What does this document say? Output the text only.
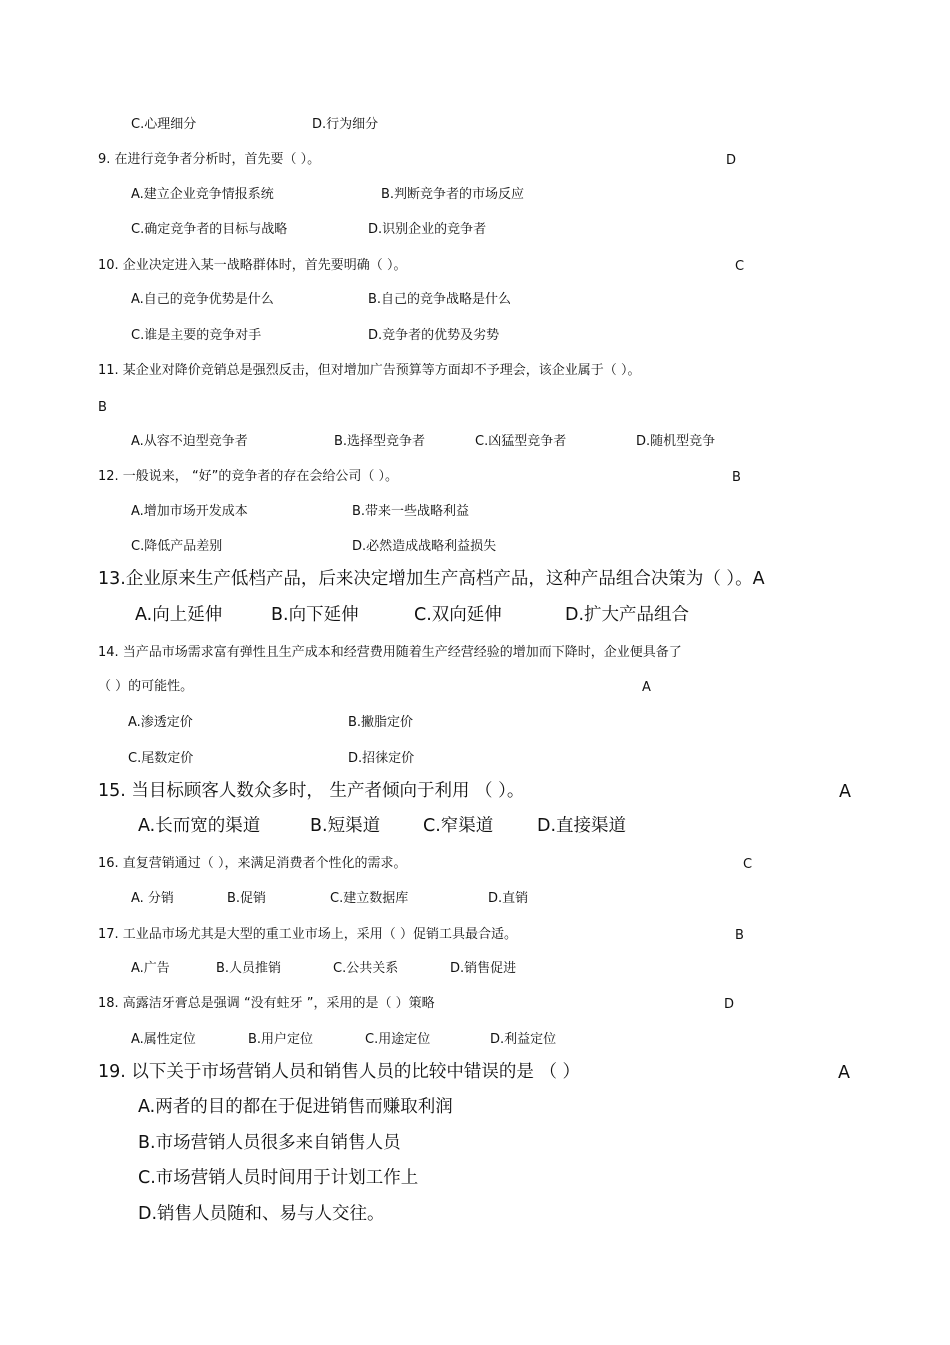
C.心理细分	D.行为细分
9. 在进行竞争者分析时，首先要（ ）。	D
A.建立企业竞争情报系统	B.判断竞争者的市场反应
C.确定竞争者的目标与战略	D.识别企业的竞争者
10. 企业决定进入某一战略群体时，首先要明确（ ）。	C
A.自己的竞争优势是什么	B.自己的竞争战略是什么
C.谁是主要的竞争对手	D.竞争者的优势及劣势
11. 某企业对降价竞销总是强烈反击，但对增加广告预算等方面却不予理会，该企业属于（ ）。
B
A.从容不迫型竞争者	B.选择型竞争者	C.凶猛型竞争者	D.随机型竞争
12. 一般说来， “好”的竞争者的存在会给公司（ ）。	B
A.增加市场开发成本	B.带来一些战略利益
C.降低产品差别	D.必然造成战略利益损失
13.企业原来生产低档产品，后来决定增加生产高档产品，这种产品组合决策为（ ）。A
A.向上延伸	B.向下延伸	C.双向延伸	D.扩大产品组合
14. 当产品市场需求富有弹性且生产成本和经营费用随着生产经营经验的增加而下降时，企业便具备了
（ ）的可能性。	A
A.渗透定价	B.撇脂定价
C.尾数定价	D.招徕定价
15. 当目标顾客人数众多时， 生产者倾向于利用 （ ）。	A
A.长而宽的渠道	B.短渠道 C.窄渠道 D.直接渠道
16. 直复营销通过（ ），来满足消费者个性化的需求。	C
A. 分销	B.促销	C.建立数据库	D.直销
17. 工业品市场尤其是大型的重工业市场上，采用（ ）促销工具最合适。	B
A.广告	B.人员推销	C.公共关系	D.销售促进
18. 高露洁牙膏总是强调 “没有蛀牙 ”，采用的是（ ）策略	D
A.属性定位	B.用户定位	C.用途定位	D.利益定位
19. 以下关于市场营销人员和销售人员的比较中错误的是 （ ）	A
A.两者的目的都在于促进销售而赚取利润
B.市场营销人员很多来自销售人员
C.市场营销人员时间用于计划工作上
D.销售人员随和、易与人交往。
